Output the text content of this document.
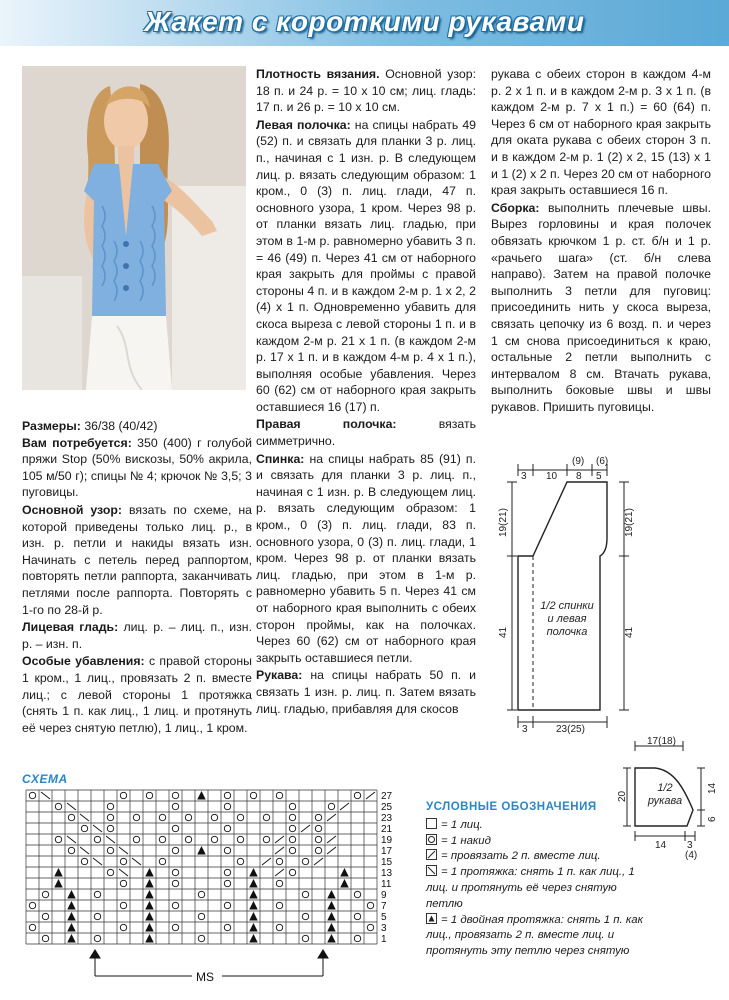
Жакет с короткими рукавами

Размеры: 36/38 (40/42)

Вам потребуется: 350 (400) г голубой пряжи Stop (50% вискозы, 50% акрила, 105 м/50 г); спицы № 4; крючок № 3,5; 3 пуговицы.

Основной узор: вязать по схеме, на которой приведены только лиц. р., в изн. р. петли и накиды вязать изн. Начинать с петель перед раппортом, повторять петли раппорта, заканчивать петлями после раппорта. Повторять с 1-го по 28-й р.

Лицевая гладь: лиц. р. – лиц. п., изн. р. – изн. п.

Особые убавления: с правой стороны 1 кром., 1 лиц., провязать 2 п. вместе лиц.; с левой стороны 1 протяжка (снять 1 п. как лиц., 1 лиц. и протянуть её через снятую петлю), 1 лиц., 1 кром.

Плотность вязания. Основной узор: 18 п. и 24 р. = 10 х 10 см; лиц. гладь: 17 п. и 26 р. = 10 х 10 см.

Левая полочка: на спицы набрать 49 (52) п. и связать для планки 3 р. лиц. п., начиная с 1 изн. р. В следующем лиц. р. вязать следующим образом: 1 кром., 0 (3) п. лиц. глади, 47 п. основного узора, 1 кром. Через 98 р. от планки вязать лиц. гладью, при этом в 1-м р. равномерно убавить 3 п. = 46 (49) п. Через 41 см от наборного края закрыть для проймы с правой стороны 4 п. и в каждом 2-м р. 1 х 2, 2 (4) х 1 п. Одновременно убавить для скоса выреза с левой стороны 1 п. и в каждом 2-м р. 21 х 1 п. (в каждом 2-м р. 17 х 1 п. и в каждом 4-м р. 4 х 1 п.), выполняя особые убавления. Через 60 (62) см от наборного края закрыть оставшиеся 16 (17) п.

Правая полочка:	вязать симметрично.

Спинка: на спицы набрать 85 (91) п. и связать для планки 3 р. лиц. п., начиная с 1 изн. р. В следующем лиц. р. вязать следующим образом: 1 кром., 0 (3) п. лиц. глади, 83 п. основного узора, 0 (3) п. лиц. глади, 1 кром. Через 98 р. от планки вязать лиц. гладью, при этом в 1-м р. равномерно убавить 5 п. Через 41 см от наборного края выполнить с обеих сторон проймы, как на полочках. Через 60 (62) см от наборного края закрыть оставшиеся петли.

Рукава: на спицы набрать 50 п. и связать 1 изн. р. лиц. п. Затем вязать лиц. гладью, прибавляя для скосов

рукава с обеих сторон в каждом 4-м р. 2 х 1 п. и в каждом 2-м р. 3 х 1 п. (в каждом 2-м р. 7 х 1 п.) = 60 (64) п. Через 6 см от наборного края закрыть для оката рукава с обеих сторон 3 п. и в каждом 2-м р. 1 (2) х 2, 15 (13) х 1 и 1 (2) х 2 п. Через 20 см от наборного края закрыть оставшиеся 16 п.

Сборка: выполнить плечевые швы. Вырез горловины и края полочек обвязать крючком 1 р. ст. б/н и 1 р. «рачьего шага» (ст. б/н слева направо). Затем на правой полочке выполнить 3 петли для пуговиц: присоединить нить у скоса выреза, связать цепочку из 6 возд. п. и через 1 см снова присоединиться к краю, остальные 2 петли выполнить с интервалом 8 см. Втачать рукава, выполнить боковые швы и швы рукавов. Пришить пуговицы.

3 10 8
(9)
5
(6)
19(21)	19(21)
41	41
3	23(25)
1/2 спинки и левая полочка
17(18)
20
14
6
14 3
(4)
1/2 рукава
СХЕМА
27
25
23
21
19
17
15
13
11
9
7
5
3
1
MS
УСЛОВНЫЕ ОБОЗНАЧЕНИЯ
= 1 лиц.
= 1 накид
= провязать 2 п. вместе лиц.
= 1 протяжка: снять 1 п. как лиц., 1 лиц. и протянуть её через снятую петлю
= 1 двойная протяжка: снять 1 п. как лиц., провязать 2 п. вместе лиц. и протянуть эту петлю через снятую
